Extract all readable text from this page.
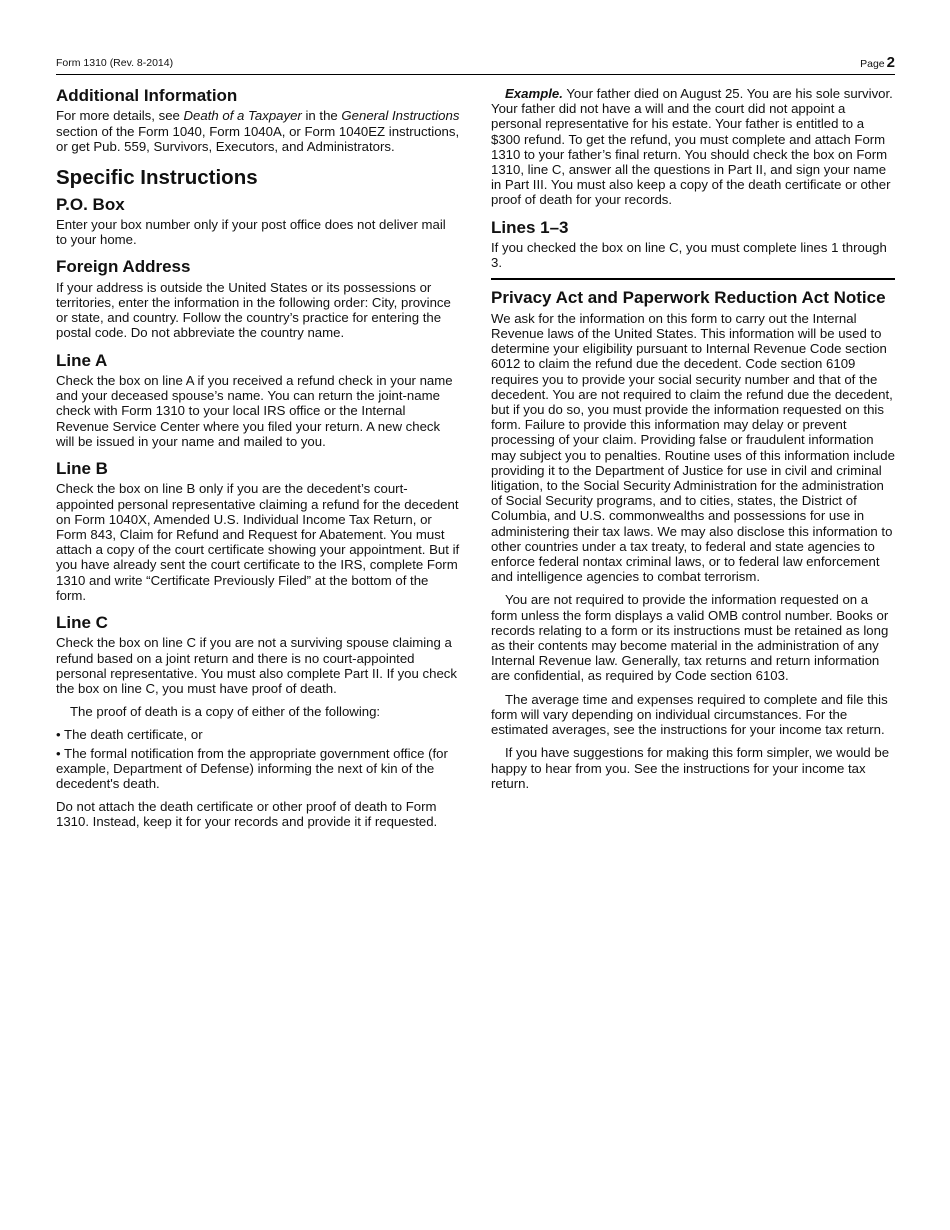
Form 1310 (Rev. 8-2014)	Page 2
Additional Information

For more details, see Death of a Taxpayer in the General Instructions section of the Form 1040, Form 1040A, or Form 1040EZ instructions, or get Pub. 559, Survivors, Executors, and Administrators.

Specific Instructions
P.O. Box

Enter your box number only if your post office does not deliver mail to your home.

Foreign Address

If your address is outside the United States or its possessions or territories, enter the information in the following order: City, province or state, and country. Follow the country’s practice for entering the postal code. Do not abbreviate the country name.

Line A

Check the box on line A if you received a refund check in your name and your deceased spouse’s name. You can return the joint-name check with Form 1310 to your local IRS office or the Internal Revenue Service Center where you filed your return. A new check will be issued in your name and mailed to you.

Line B

Check the box on line B only if you are the decedent’s court-appointed personal representative claiming a refund for the decedent on Form 1040X, Amended U.S. Individual Income Tax Return, or Form 843, Claim for Refund and Request for Abatement. You must attach a copy of the court certificate showing your appointment. But if you have already sent the court certificate to the IRS, complete Form 1310 and write “Certificate Previously Filed” at the bottom of the form.

Line C

Check the box on line C if you are not a surviving spouse claiming a refund based on a joint return and there is no court-appointed personal representative. You must also complete Part II. If you check the box on line C, you must have proof of death.

The proof of death is a copy of either of the following:

• The death certificate, or

• The formal notification from the appropriate government office (for example, Department of Defense) informing the next of kin of the decedent's death.

Do not attach the death certificate or other proof of death to Form 1310. Instead, keep it for your records and provide it if requested.

Example. Your father died on August 25. You are his sole survivor. Your father did not have a will and the court did not appoint a personal representative for his estate. Your father is entitled to a $300 refund. To get the refund, you must complete and attach Form 1310 to your father’s final return. You should check the box on Form 1310, line C, answer all the questions in Part II, and sign your name in Part III. You must also keep a copy of the death certificate or other proof of death for your records.

Lines 1–3

If you checked the box on line C, you must complete lines 1 through 3.

Privacy Act and Paperwork Reduction Act Notice

We ask for the information on this form to carry out the Internal Revenue laws of the United States. This information will be used to determine your eligibility pursuant to Internal Revenue Code section 6012 to claim the refund due the decedent. Code section 6109 requires you to provide your social security number and that of the decedent. You are not required to claim the refund due the decedent, but if you do so, you must provide the information requested on this form. Failure to provide this information may delay or prevent processing of your claim. Providing false or fraudulent information may subject you to penalties. Routine uses of this information include providing it to the Department of Justice for use in civil and criminal litigation, to the Social Security Administration for the administration of Social Security programs, and to cities, states, the District of Columbia, and U.S. commonwealths and possessions for use in administering their tax laws. We may also disclose this information to other countries under a tax treaty, to federal and state agencies to enforce federal nontax criminal laws, or to federal law enforcement and intelligence agencies to combat terrorism.

You are not required to provide the information requested on a form unless the form displays a valid OMB control number. Books or records relating to a form or its instructions must be retained as long as their contents may become material in the administration of any Internal Revenue law. Generally, tax returns and return information are confidential, as required by Code section 6103.

The average time and expenses required to complete and file this form will vary depending on individual circumstances. For the estimated averages, see the instructions for your income tax return.

If you have suggestions for making this form simpler, we would be happy to hear from you. See the instructions for your income tax return.
